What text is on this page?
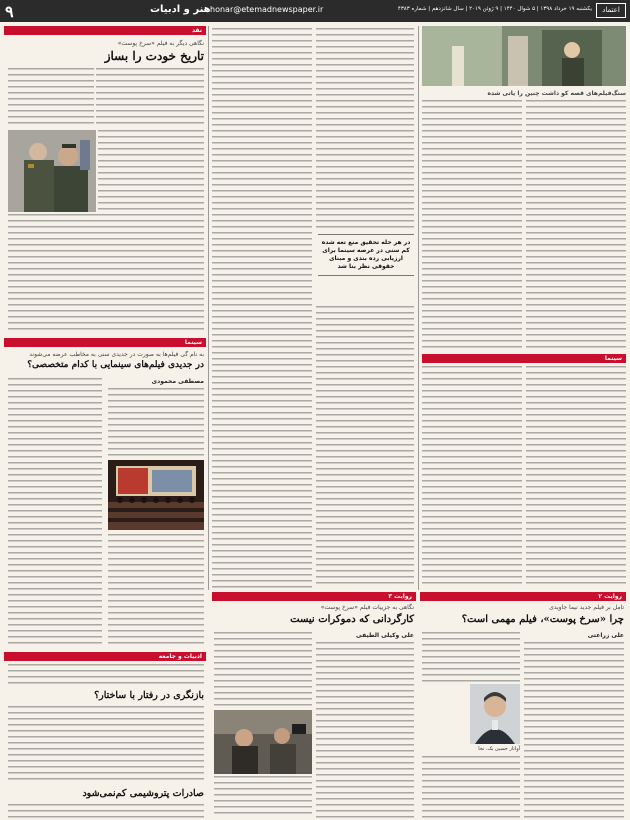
۹	هنر و ادبیات honar@etemadnewspaper.ir	یکشنبه ۱۹ خرداد ۱۳۹۸ | ۵ شوال ۱۴۴۰ | ۹ ژوئن ۲۰۱۹ | سال شانزدهم | شماره ۴۳۸۳	اعتماد
نقد
نگاهی دیگر به فیلم «سرخ پوست»
تاریخ خودت را بساز
سینما
به نام گی فیلم‌ها به صورت در جدیدی سنی به مخاطب عرضه می‌شوند
در جدیدی فیلم‌های سینمایی با کدام متخصصی؟
مصطفی محمودی
ادبیات و جامعه
بازنگری در رفتار با ساختار؟
صادرات پتروشیمی کم‌نمی‌شود
در هر حله تحقیق منع تعه شده کم سنی در عرصه سینما برای ارزیابی رده بندی و مبنای حقوقی نظر بنا شد
سنگ‌فیلم‌های قصه کو داشت چنین را یاتی شده
سینما
روایت ۲
روایت ۳
تامل بر فیلم جدید نیما جاویدی
چرا «سرخ پوست»، فیلم مهمی است؟
علی زراعتی
آواتار حسین یک، نجا
نگاهی به جزییات فیلم «سرخ پوست»
کارگردانی که دموکرات نیست
علی وکیلی الطیفی
